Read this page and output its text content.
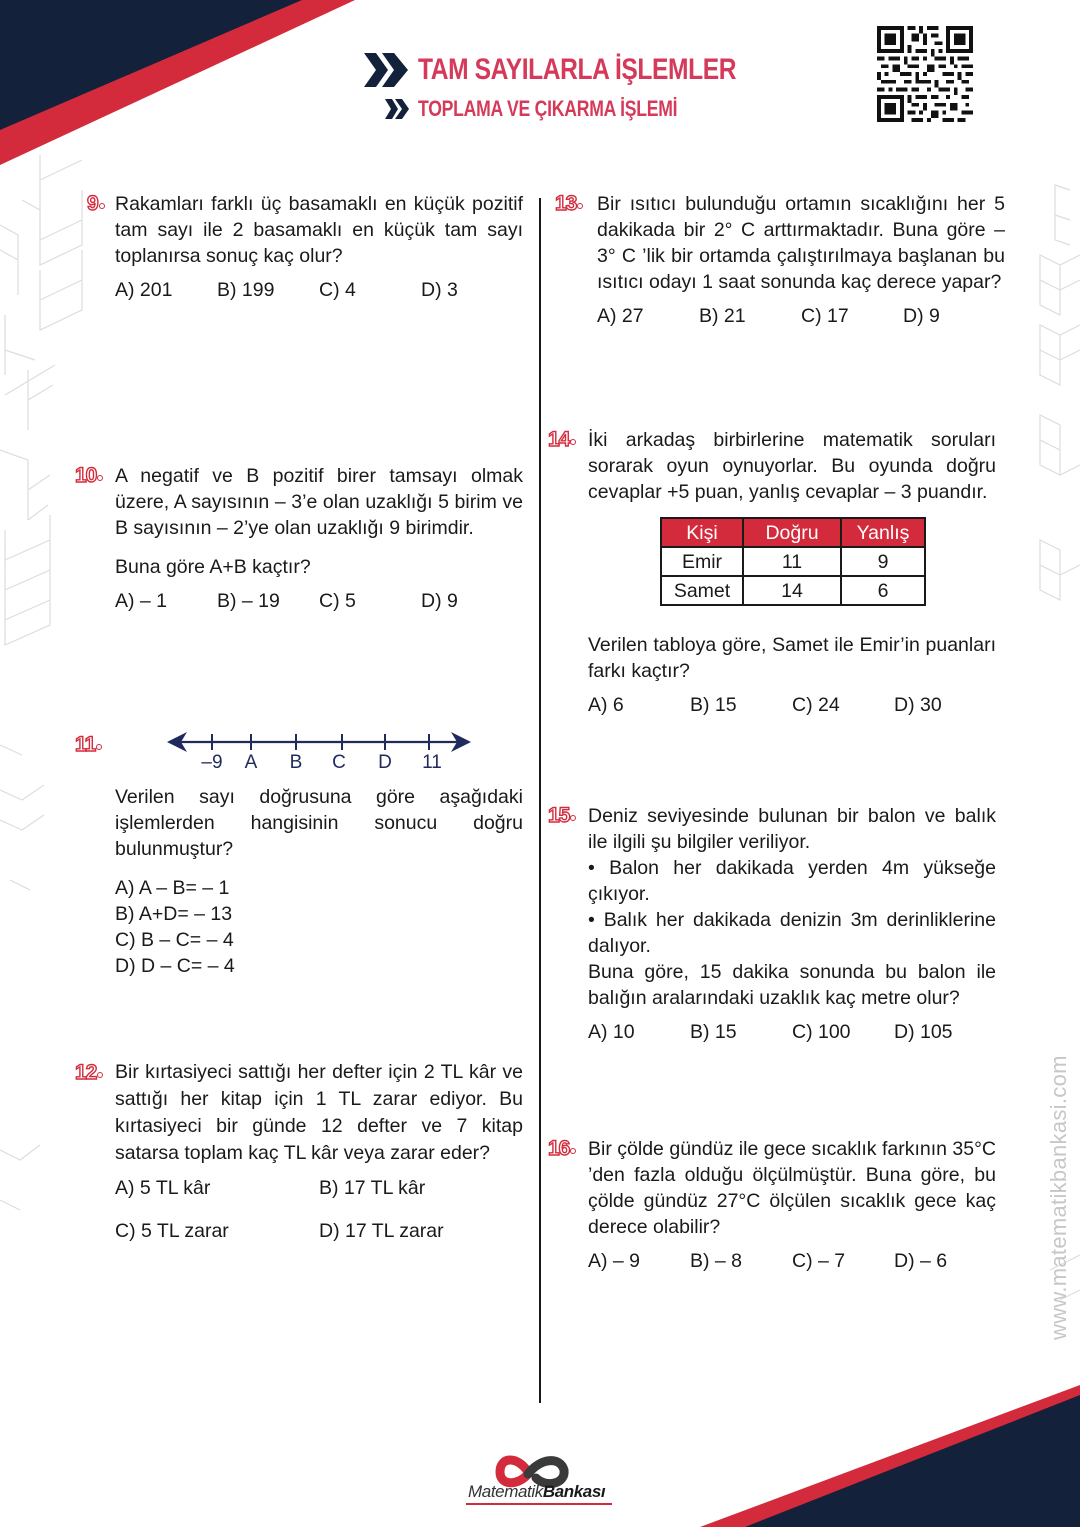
TAM SAYILARLA İŞLEMLER
TOPLAMA VE ÇIKARMA İŞLEMİ
9 Rakamları farklı üç basamaklı en küçük pozitif tam sayı ile 2 basamaklı en küçük tam sayı toplanırsa sonuç kaç olur?

A) 201	B) 199	C) 4	D) 3
10 A negatif ve B pozitif birer tamsayı olmak üzere, A sayısının – 3’e olan uzaklığı 5 birim ve B sayısının – 2’ye olan uzaklığı 9 birimdir.

Buna göre A+B kaçtır?

A) – 1	B) – 19	C) 5	D) 9
11
–9 A B C D 11

Verilen sayı doğrusuna göre aşağıdaki işlemlerden hangisinin sonucu doğru bulunmuştur?

A) A – B= – 1
B) A+D= – 13
C) B – C= – 4
D) D – C= – 4
12 Bir kırtasiyeci sattığı her defter için 2 TL kâr ve sattığı her kitap için 1 TL zarar ediyor. Bu kırtasiyeci bir günde 12 defter ve 7 kitap satarsa toplam kaç TL kâr veya zarar eder?

A) 5 TL kâr	B) 17 TL kâr
C) 5 TL zarar	D) 17 TL zarar
13	Bir ısıtıcı bulunduğu ortamın sıcaklığını her 5 dakikada bir 2° C arttırmaktadır. Buna göre – 3° C ’lik bir ortamda çalıştırılmaya başlanan bu ısıtıcı odayı 1 saat sonunda kaç derece yapar?

A) 27	B) 21	C) 17	D) 9
14 İki arkadaş birbirlerine matematik soruları sorarak oyun oynuyorlar. Bu oyunda doğru cevaplar +5 puan, yanlış cevaplar – 3 puandır.

Kişi	Doğru	Yanlış
Emir	11	9
Samet	14	6

Verilen tabloya göre, Samet ile Emir’in puanları farkı kaçtır?

A) 6	B) 15	C) 24	D) 30
15 Deniz seviyesinde bulunan bir balon ve balık ile ilgili şu bilgiler veriliyor.

• Balon her dakikada yerden 4m yükseğe çıkıyor.

• Balık her dakikada denizin 3m derinliklerine dalıyor.

Buna göre, 15 dakika sonunda bu balon ile balığın aralarındaki uzaklık kaç metre olur?

A) 10	B) 15	C) 100	D) 105
16 Bir çölde gündüz ile gece sıcaklık farkının 35°C ’den fazla olduğu ölçülmüştür. Buna göre, bu çölde gündüz 27°C ölçülen sıcaklık gece kaç derece olabilir?

A) – 9	B) – 8	C) – 7	D) – 6	www.matematikbankasi.com
MatematikBankası
